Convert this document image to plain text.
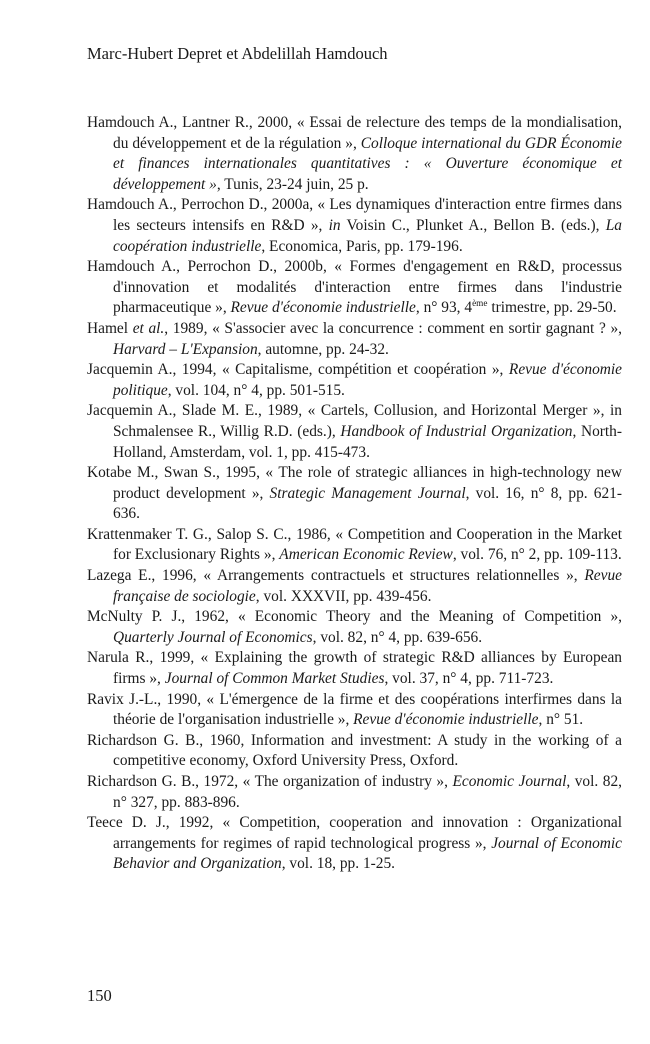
Marc-Hubert Depret et Abdelillah Hamdouch
Hamdouch A., Lantner R., 2000, « Essai de relecture des temps de la mondialisation, du développement et de la régulation », Colloque international du GDR Économie et finances internationales quantitatives : « Ouverture économique et développement », Tunis, 23-24 juin, 25 p.
Hamdouch A., Perrochon D., 2000a, « Les dynamiques d'interaction entre firmes dans les secteurs intensifs en R&D », in Voisin C., Plunket A., Bellon B. (eds.), La coopération industrielle, Economica, Paris, pp. 179-196.
Hamdouch A., Perrochon D., 2000b, « Formes d'engagement en R&D, processus d'innovation et modalités d'interaction entre firmes dans l'industrie pharmaceutique », Revue d'économie industrielle, n° 93, 4ème trimestre, pp. 29-50.
Hamel et al., 1989, « S'associer avec la concurrence : comment en sortir gagnant ? », Harvard – L'Expansion, automne, pp. 24-32.
Jacquemin A., 1994, « Capitalisme, compétition et coopération », Revue d'économie politique, vol. 104, n° 4, pp. 501-515.
Jacquemin A., Slade M. E., 1989, « Cartels, Collusion, and Horizontal Merger », in Schmalensee R., Willig R.D. (eds.), Handbook of Industrial Organization, North-Holland, Amsterdam, vol. 1, pp. 415-473.
Kotabe M., Swan S., 1995, « The role of strategic alliances in high-technology new product development », Strategic Management Journal, vol. 16, n° 8, pp. 621-636.
Krattenmaker T. G., Salop S. C., 1986, « Competition and Cooperation in the Market for Exclusionary Rights », American Economic Review, vol. 76, n° 2, pp. 109-113.
Lazega E., 1996, « Arrangements contractuels et structures relationnelles », Revue française de sociologie, vol. XXXVII, pp. 439-456.
McNulty P. J., 1962, « Economic Theory and the Meaning of Competition », Quarterly Journal of Economics, vol. 82, n° 4, pp. 639-656.
Narula R., 1999, « Explaining the growth of strategic R&D alliances by European firms », Journal of Common Market Studies, vol. 37, n° 4, pp. 711-723.
Ravix J.-L., 1990, « L'émergence de la firme et des coopérations interfirmes dans la théorie de l'organisation industrielle », Revue d'économie industrielle, n° 51.
Richardson G. B., 1960, Information and investment: A study in the working of a competitive economy, Oxford University Press, Oxford.
Richardson G. B., 1972, « The organization of industry », Economic Journal, vol. 82, n° 327, pp. 883-896.
Teece D. J., 1992, « Competition, cooperation and innovation : Organizational arrangements for regimes of rapid technological progress », Journal of Economic Behavior and Organization, vol. 18, pp. 1-25.
150
